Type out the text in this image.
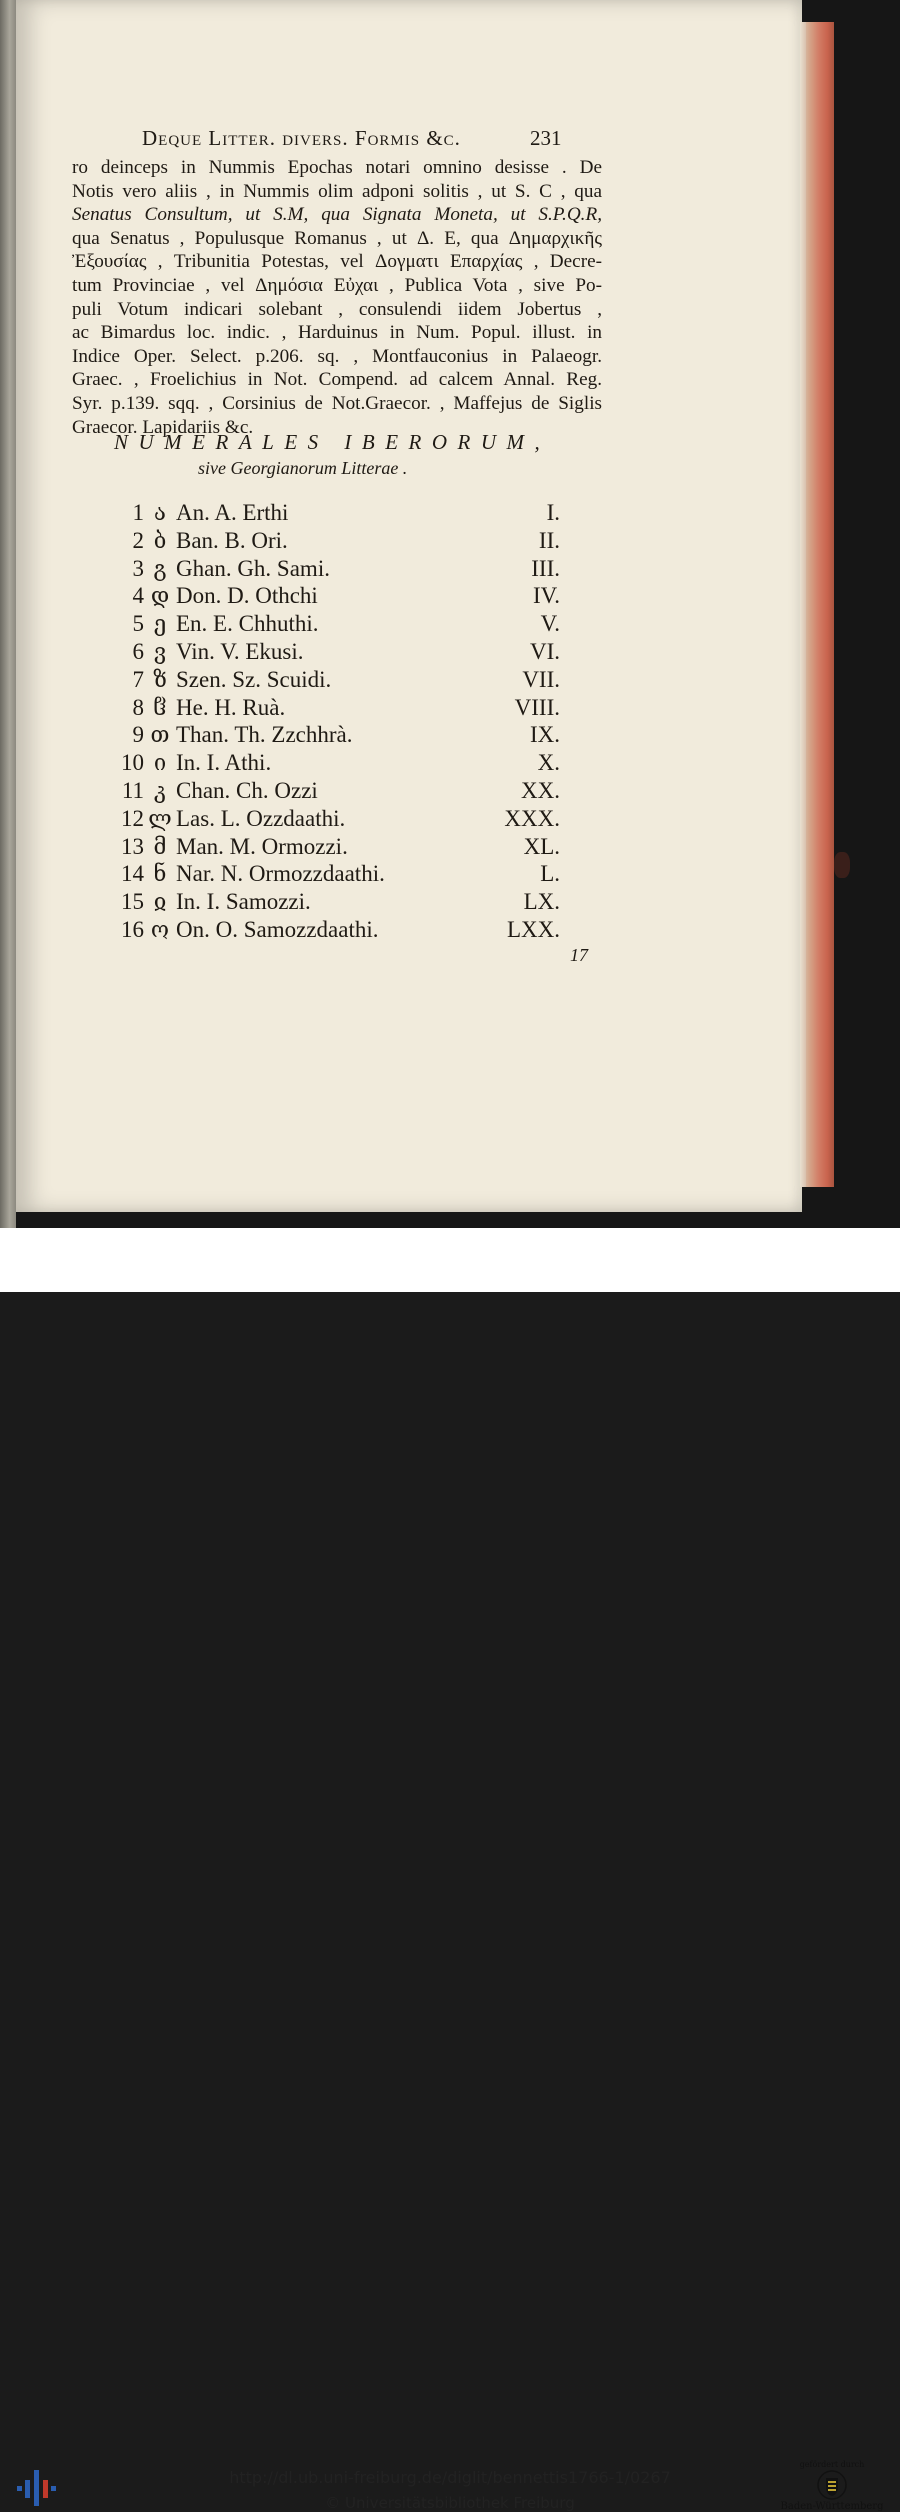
Deque Litter. divers. Formis &c.	231
ro deinceps in Nummis Epochas notari omnino desisse . De
Notis vero aliis , in Nummis olim adponi solitis , ut S. C , qua
Senatus Consultum, ut S.M, qua Signata Moneta, ut S.P.Q.R,
qua Senatus , Populusque Romanus , ut Δ. Ε, qua Δημαρχικῆς
Ἐξουσίας , Tribunitia Potestas, vel Δογματι Επαρχίας , Decre-
tum Provinciae , vel Δημόσια Εὐχαι , Publica Vota , sive Po-
puli Votum indicari solebant , consulendi iidem Jobertus ,
ac Bimardus loc. indic. , Harduinus in Num. Popul. illust. in
Indice Oper. Select. p.206. sq. , Montfauconius in Palaeogr.
Graec. , Froelichius in Not. Compend. ad calcem Annal. Reg.
Syr. p.139. sqq. , Corsinius de Not.Graecor. , Maffejus de Siglis
Graecor. Lapidariis &c.
NUMERALES IBERORUM,
sive Georgianorum Litterae .
1 ა An. A. Erthi	I.
2 ბ Ban. B. Ori.	II.
3 გ Ghan. Gh. Sami.	III.
4 დ Don. D. Othchi	IV.
5 ე En. E. Chhuthi.	V.
6 ვ Vin. V. Ekusi.	VI.
7 ზ Szen. Sz. Scuidi.	VII.
8 ჱ He. H. Ruà.	VIII.
9 თ Than. Th. Zzchhrà.	IX.
10 ი In. I. Athi.	X.
11 კ Chan. Ch. Ozzi	XX.
12 ლ Las. L. Ozzdaathi.	XXX.
13 მ Man. M. Ormozzi.	XL.
14 ნ Nar. N. Ormozzdaathi.	L.
15 ჲ In. I. Samozzi.	LX.
16 ო On. O. Samozzdaathi.	LXX.
17
http://dl.ub.uni-freiburg.de/diglit/bennettis1766-1/0267
© Universitätsbibliothek Freiburg
gefördert durch
Baden-Württemberg
